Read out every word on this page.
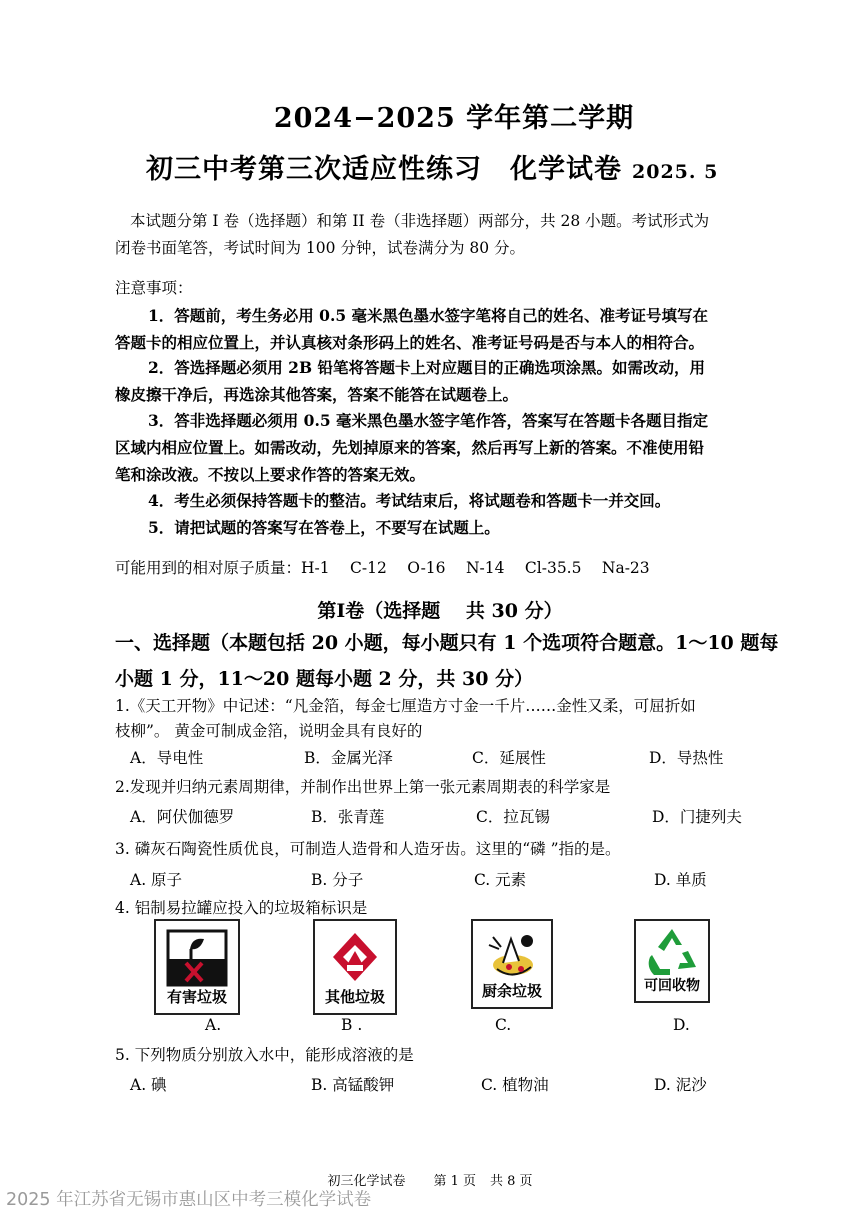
2024−2025 学年第二学期
初三中考第三次适应性练习　化学试卷 2025. 5
本试题分第 I 卷（选择题）和第 II 卷（非选择题）两部分，共 28 小题。考试形式为
闭卷书面笔答，考试时间为 100 分钟，试卷满分为 80 分。
注意事项：
1．答题前，考生务必用 0.5 毫米黑色墨水签字笔将自己的姓名、准考证号填写在
答题卡的相应位置上，并认真核对条形码上的姓名、准考证号码是否与本人的相符合。
2．答选择题必须用 2B 铅笔将答题卡上对应题目的正确选项涂黑。如需改动，用
橡皮擦干净后，再选涂其他答案，答案不能答在试题卷上。
3．答非选择题必须用 0.5 毫米黑色墨水签字笔作答，答案写在答题卡各题目指定
区域内相应位置上。如需改动，先划掉原来的答案，然后再写上新的答案。不准使用铅
笔和涂改液。不按以上要求作答的答案无效。
4．考生必须保持答题卡的整洁。考试结束后，将试题卷和答题卡一并交回。
5．请把试题的答案写在答卷上，不要写在试题上。
可能用到的相对原子质量：H-1　 C-12　 O-16　 N-14　 Cl-35.5　 Na-23
第Ⅰ卷（选择题　 共 30 分）
一、选择题（本题包括 20 小题，每小题只有 1 个选项符合题意。1～10 题每
小题 1 分，11～20 题每小题 2 分，共 30 分）
1.《天工开物》中记述：“凡金箔，每金七厘造方寸金一千片……金性又柔，可屈折如
枝柳”。 黄金可制成金箔，说明金具有良好的
A．导电性	B．金属光泽	C．延展性	D．导热性
2.发现并归纳元素周期律，并制作出世界上第一张元素周期表的科学家是
A．阿伏伽德罗	B．张青莲	C．拉瓦锡	D．门捷列夫
3. 磷灰石陶瓷性质优良，可制造人造骨和人造牙齿。这里的“磷 ”指的是。
A. 原子	B. 分子	C. 元素	D. 单质
4. 铝制易拉罐应投入的垃圾箱标识是
有害垃圾	其他垃圾	厨余垃圾	可回收物
A.	B .	C.	D.
5. 下列物质分别放入水中，能形成溶液的是
A. 碘	B. 高锰酸钾	C. 植物油	D. 泥沙
初三化学试卷 第 1 页 共 8 页
2025 年江苏省无锡市惠山区中考三模化学试卷
